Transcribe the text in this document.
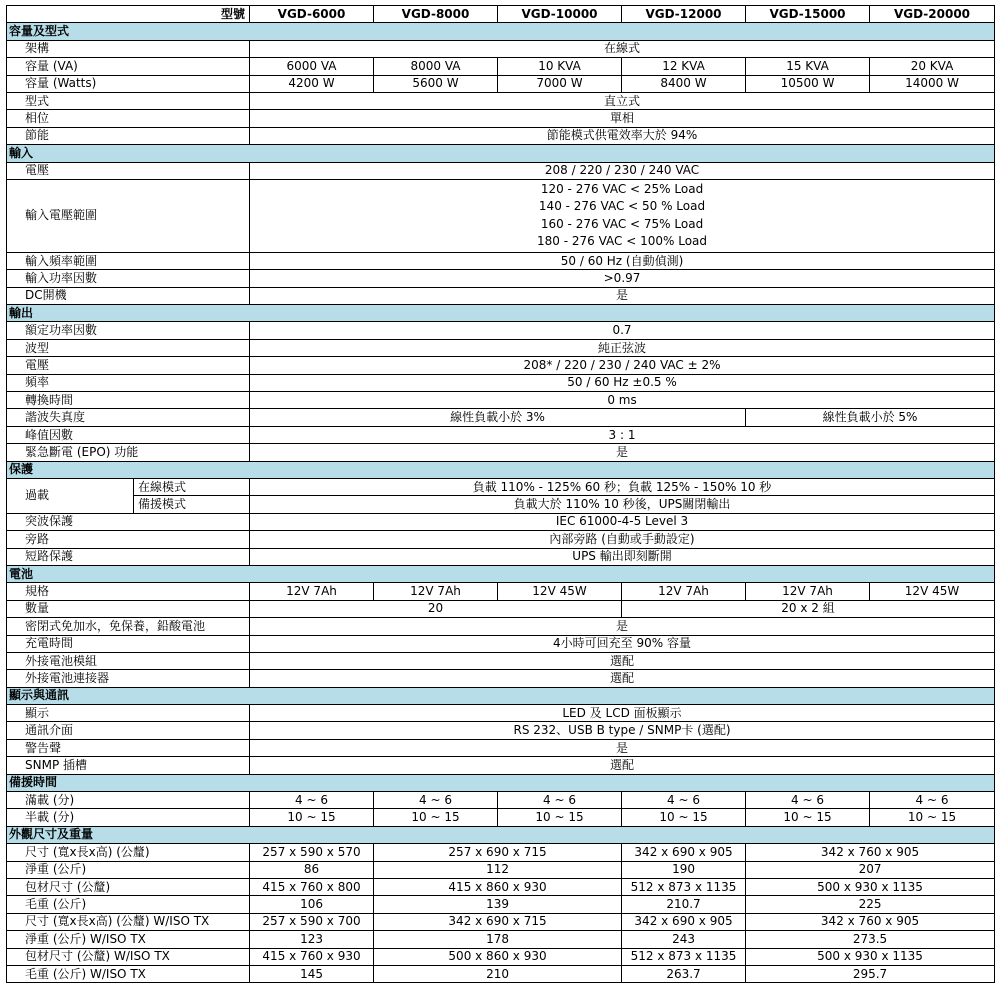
型號		VGD-6000	VGD-8000	VGD-10000	VGD-12000	VGD-15000	VGD-20000
容量及型式							
架構		在線式					
容量 (VA)		6000 VA	8000 VA	10 KVA	12 KVA	15 KVA	20 KVA
容量 (Watts)		4200 W	5600 W	7000 W	8400 W	10500 W	14000 W
型式		直立式					
相位		單相					
節能		節能模式供電效率大於 94%					
輸入							
電壓		208 / 220 / 230 / 240 VAC					
輸入電壓範圍		120 - 276 VAC < 25% Load
140 - 276 VAC < 50 % Load
160 - 276 VAC < 75% Load
180 - 276 VAC < 100% Load					

輸入頻率範圍		50 / 60 Hz (自動偵測)					
輸入功率因數		>0.97					
DC開機		是					
輸出							
額定功率因數		0.7					
波型		純正弦波					
電壓		208* / 220 / 230 / 240 VAC ± 2%					
頻率		50 / 60 Hz ±0.5 %					
轉換時間		0 ms					
諧波失真度		線性負載小於 3%				線性負載小於 5%	
峰值因數		3 : 1					
緊急斷電 (EPO) 功能		是					
保護							
過載	在線模式	負載 110% - 125% 60 秒；負載 125% - 150% 10 秒					
	備援模式	負載大於 110% 10 秒後，UPS關閉輸出					
突波保護		IEC 61000-4-5 Level 3					
旁路		內部旁路 (自動或手動設定)					
短路保護		UPS 輸出即刻斷開					
電池							
規格		12V 7Ah	12V 7Ah	12V 45W	12V 7Ah	12V 7Ah	12V 45W
數量		20			20 x 2 組		
密閉式免加水，免保養，鉛酸電池		是					
充電時間		4小時可回充至 90% 容量					
外接電池模組		選配					
外接電池連接器		選配					
顯示與通訊							
顯示		LED 及 LCD 面板顯示					
通訊介面		RS 232、USB B type / SNMP卡 (選配)					
警告聲		是					
SNMP 插槽		選配					
備援時間							
滿載 (分)		4 ~ 6	4 ~ 6	4 ~ 6	4 ~ 6	4 ~ 6	4 ~ 6
半載 (分)		10 ~ 15	10 ~ 15	10 ~ 15	10 ~ 15	10 ~ 15	10 ~ 15
外觀尺寸及重量							
尺寸 (寬x長x高) (公釐)		257 x 590 x 570	257 x 690 x 715		342 x 690 x 905	342 x 760 x 905	
淨重 (公斤)		86	112		190	207	
包材尺寸 (公釐)		415 x 760 x 800	415 x 860 x 930		512 x 873 x 1135	500 x 930 x 1135	
毛重 (公斤)		106	139		210.7	225	
尺寸 (寬x長x高) (公釐) W/ISO TX		257 x 590 x 700	342 x 690 x 715		342 x 690 x 905	342 x 760 x 905	
淨重 (公斤) W/ISO TX		123	178		243	273.5	
包材尺寸 (公釐) W/ISO TX		415 x 760 x 930	500 x 860 x 930		512 x 873 x 1135	500 x 930 x 1135	
毛重 (公斤) W/ISO TX		145	210		263.7	295.7	
